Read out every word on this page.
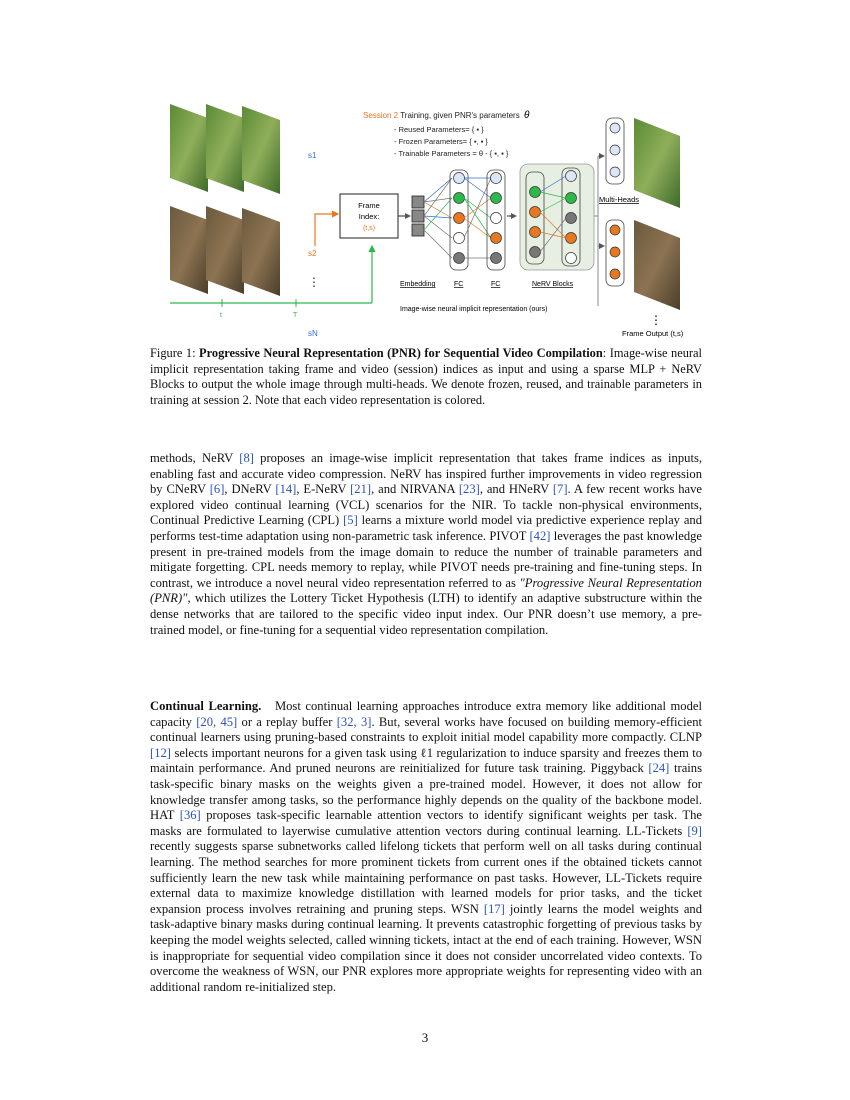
s1
s2
⋮
sN
t	T
Session 2 Training, given PNR's parameters θ
- Reused Parameters= { ▪ }
- Frozen Parameters= { ▪, ▪ }
- Trainable Parameters = θ - { ▪, ▪ }
Frame
Index:
(t,s)
Multi-Heads
⋮
Embedding	FC	FC	NeRV Blocks
Image-wise neural implicit representation (ours)
Frame Output (t,s)

Figure 1: Progressive Neural Representation (PNR) for Sequential Video Compilation: Image-wise neural implicit representation taking frame and video (session) indices as input and using a sparse MLP + NeRV Blocks to output the whole image through multi-heads. We denote frozen, reused, and trainable parameters in training at session 2. Note that each video representation is colored.

methods, NeRV [8] proposes an image-wise implicit representation that takes frame indices as inputs, enabling fast and accurate video compression. NeRV has inspired further improvements in video regression by CNeRV [6], DNeRV [14], E-NeRV [21], and NIRVANA [23], and HNeRV [7]. A few recent works have explored video continual learning (VCL) scenarios for the NIR. To tackle non-physical environments, Continual Predictive Learning (CPL) [5] learns a mixture world model via predictive experience replay and performs test-time adaptation using non-parametric task inference. PIVOT [42] leverages the past knowledge present in pre-trained models from the image domain to reduce the number of trainable parameters and mitigate forgetting. CPL needs memory to replay, while PIVOT needs pre-training and fine-tuning steps. In contrast, we introduce a novel neural video representation referred to as "Progressive Neural Representation (PNR)", which utilizes the Lottery Ticket Hypothesis (LTH) to identify an adaptive substructure within the dense networks that are tailored to the specific video input index. Our PNR doesn’t use memory, a pre-trained model, or fine-tuning for a sequential video representation compilation.

Continual Learning.   Most continual learning approaches introduce extra memory like additional model capacity [20, 45] or a replay buffer [32, 3]. But, several works have focused on building memory-efficient continual learners using pruning-based constraints to exploit initial model capability more compactly. CLNP [12] selects important neurons for a given task using ℓ1 regularization to induce sparsity and freezes them to maintain performance. And pruned neurons are reinitialized for future task training. Piggyback [24] trains task-specific binary masks on the weights given a pre-trained model. However, it does not allow for knowledge transfer among tasks, so the performance highly depends on the quality of the backbone model. HAT [36] proposes task-specific learnable attention vectors to identify significant weights per task. The masks are formulated to layerwise cumulative attention vectors during continual learning. LL-Tickets [9] recently suggests sparse subnetworks called lifelong tickets that perform well on all tasks during continual learning. The method searches for more prominent tickets from current ones if the obtained tickets cannot sufficiently learn the new task while maintaining performance on past tasks. However, LL-Tickets require external data to maximize knowledge distillation with learned models for prior tasks, and the ticket expansion process involves retraining and pruning steps. WSN [17] jointly learns the model weights and task-adaptive binary masks during continual learning. It prevents catastrophic forgetting of previous tasks by keeping the model weights selected, called winning tickets, intact at the end of each training. However, WSN is inappropriate for sequential video compilation since it does not consider uncorrelated video contexts. To overcome the weakness of WSN, our PNR explores more appropriate weights for representing video with an additional random re-initialized step.

3
